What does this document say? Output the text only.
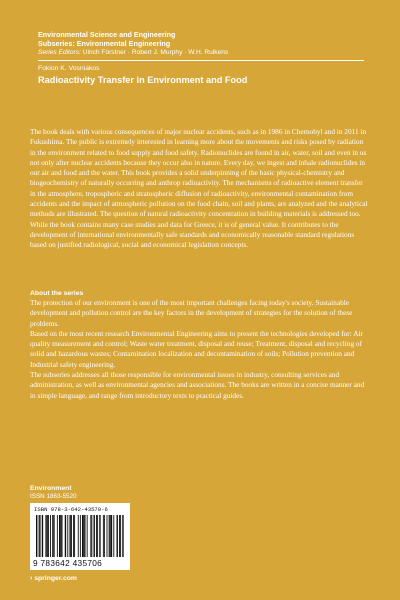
Environmental Science and Engineering
Subseries: Environmental Engineering
Series Editors: Ulrich Förstner · Robert J. Murphy · W.H. Rulkens
Fokion K. Vosniakos
Radioactivity Transfer in Environment and Food

The book deals with various consequences of major nuclear accidents, such as in 1986 in Chernobyl and in 2011 in Fukushima. The public is extremely interested in learning more about the movements and risks posed by radiation in the environment related to food supply and food safety. Radionuclides are found in air, water, soil and even in us not only after nuclear accidents because they occur also in nature. Every day, we ingest and inhale radionuclides in our air and food and the water. This book provides a solid underpinning of the basic physical-chemistry and biogeochemistry of naturally occurring and anthrop radioactivity. The mechanisms of radioactive element transfer in the atmosphere, tropospheric and stratospheric diffusion of radioactivity, environmental contamination from accidents and the impact of atmospheric pollution on the food chain, soil and plants, are analyzed and the analytical methods are illustrated. The question of natural radioactivity concentration in building materials is addressed too. While the book contains many case studies and data for Greece, it is of general value. It contributes to the development of international environmentally safe standards and economically reasonable standard regulations based on justified radiological, social and economical legislation concepts.

About the series

The protection of our environment is one of the most important challenges facing today's society. Sustainable development and pollution control are the key factors in the development of strategies for the solution of these problems.

Based on the most recent research Environmental Engineering aims to present the technologies developed for: Air quality measurement and control; Waste water treatment, disposal and reuse; Treatment, disposal and recycling of solid and hazardous wastes; Contamination localization and decontamination of soils; Pollution prevention and Industrial safety engineering.

The subseries addresses all those responsible for environmental issues in industry, consulting services and administration, as well as environmental agencies and associations. The books are written in a concise manner and in simple language, and range from introductory texts to practical guides.

Environment
ISSN 1863-5520
ISBN 978-3-642-43570-6
9 783642 435706
› springer.com
